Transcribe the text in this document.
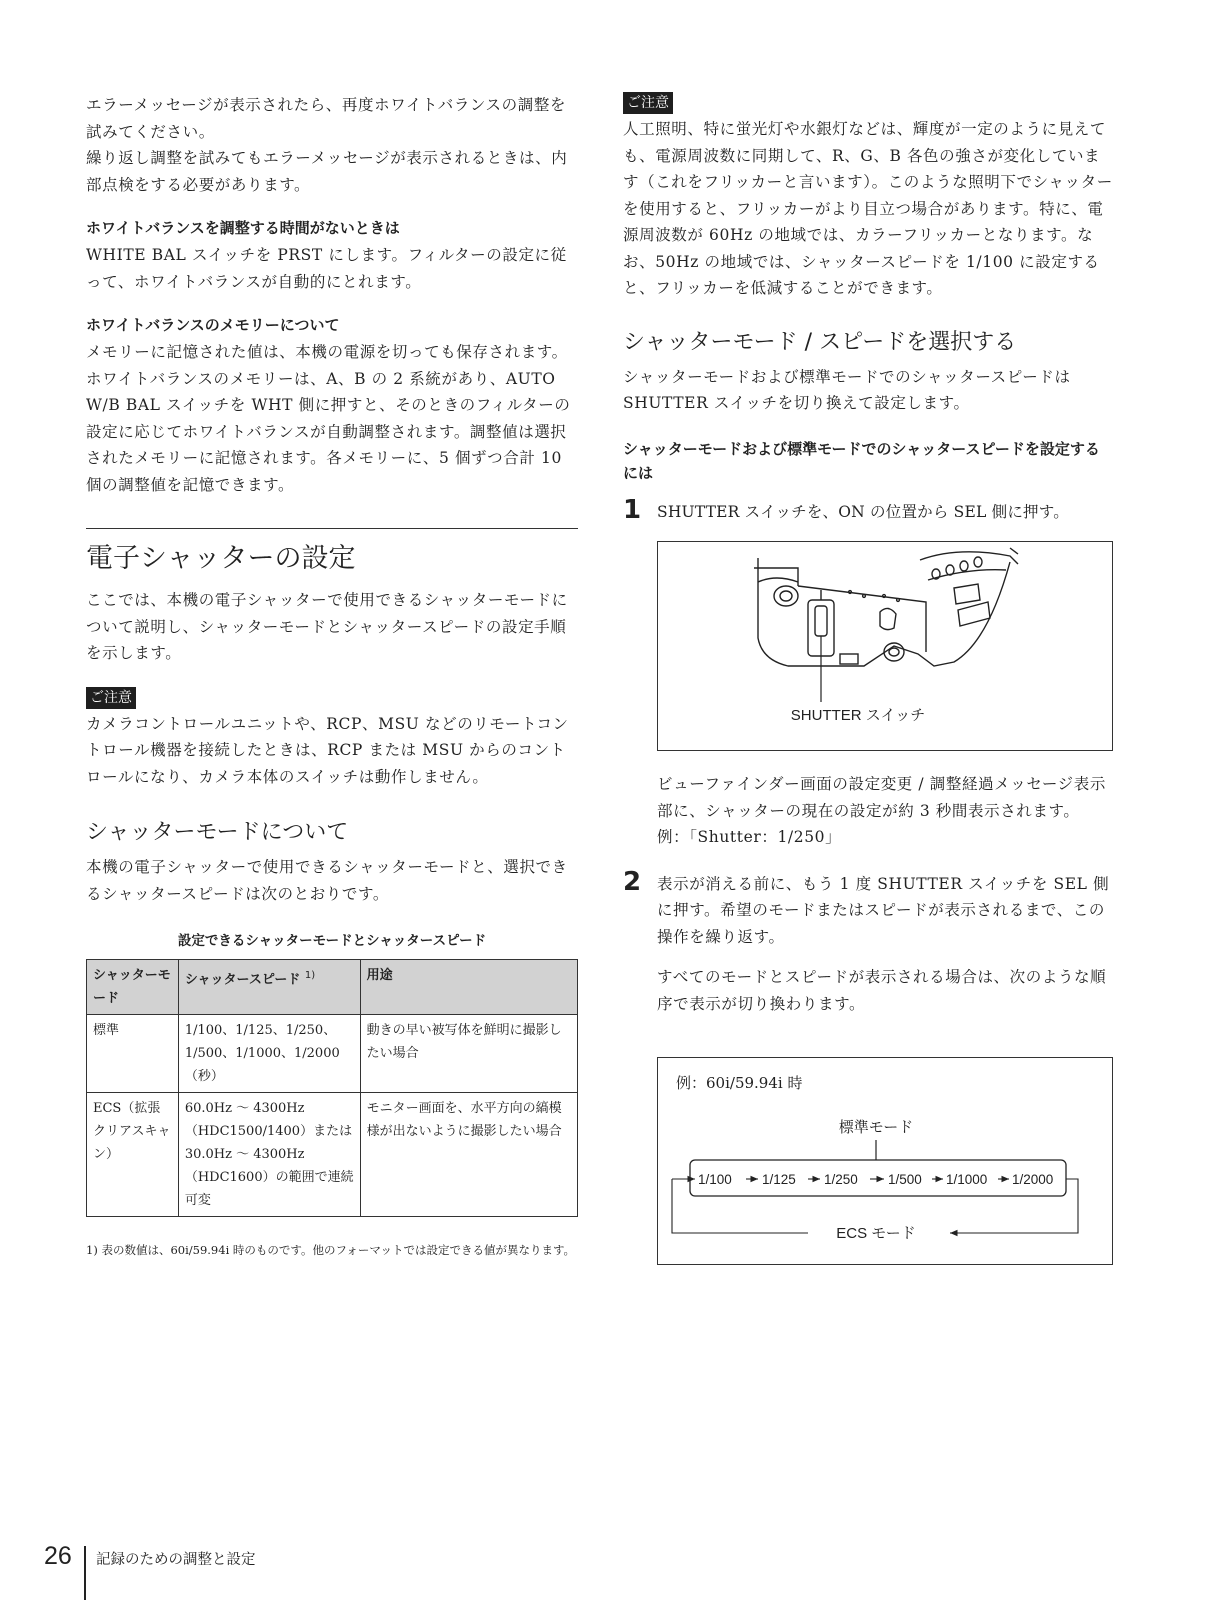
エラーメッセージが表示されたら、再度ホワイトバランスの調整を試みてください。

繰り返し調整を試みてもエラーメッセージが表示されるときは、内部点検をする必要があります。

ホワイトバランスを調整する時間がないときは

WHITE BAL スイッチを PRST にします。フィルターの設定に従って、ホワイトバランスが自動的にとれます。

ホワイトバランスのメモリーについて

メモリーに記憶された値は、本機の電源を切っても保存されます。

ホワイトバランスのメモリーは、A、B の 2 系統があり、AUTO W/B BAL スイッチを WHT 側に押すと、そのときのフィルターの設定に応じてホワイトバランスが自動調整されます。調整値は選択されたメモリーに記憶されます。各メモリーに、5 個ずつ合計 10 個の調整値を記憶できます。

電子シャッターの設定

ここでは、本機の電子シャッターで使用できるシャッターモードについて説明し、シャッターモードとシャッタースピードの設定手順を示します。

ご注意

カメラコントロールユニットや、RCP、MSU などのリモートコントロール機器を接続したときは、RCP または MSU からのコントロールになり、カメラ本体のスイッチは動作しません。

シャッターモードについて

本機の電子シャッターで使用できるシャッターモードと、選択できるシャッタースピードは次のとおりです。

設定できるシャッターモードとシャッタースピード
シャッターモード	シャッタースピード $^{1)}$	用途
標準	1/100、1/125、1/250、1/500、1/1000、1/2000（秒）	動きの早い被写体を鮮明に撮影したい場合
ECS（拡張クリアスキャン）	60.0Hz ～ 4300Hz（HDC1500/1400）または 30.0Hz ～ 4300Hz（HDC1600）の範囲で連続可変	モニター画面を、水平方向の縞模様が出ないように撮影したい場合

1) 表の数値は、60i/59.94i 時のものです。他のフォーマットでは設定できる値が異なります。

ご注意

人工照明、特に蛍光灯や水銀灯などは、輝度が一定のように見えても、電源周波数に同期して、R、G、B 各色の強さが変化しています（これをフリッカーと言います）。このような照明下でシャッターを使用すると、フリッカーがより目立つ場合があります。特に、電源周波数が 60Hz の地域では、カラーフリッカーとなります。なお、50Hz の地域では、シャッタースピードを 1/100 に設定すると、フリッカーを低減することができます。

シャッターモード / スピードを選択する

シャッターモードおよび標準モードでのシャッタースピードは SHUTTER スイッチを切り換えて設定します。

シャッターモードおよび標準モードでのシャッタースピードを設定するには
1 SHUTTER スイッチを、ON の位置から SEL 側に押す。

SHUTTER スイッチ

ビューファインダー画面の設定変更 / 調整経過メッセージ表示部に、シャッターの現在の設定が約 3 秒間表示されます。

例：「Shutter：1/250」

2 表示が消える前に、もう 1 度 SHUTTER スイッチを SEL 側に押す。希望のモードまたはスピードが表示されるまで、この操作を繰り返す。

すべてのモードとスピードが表示される場合は、次のような順序で表示が切り換わります。

例：60i/59.94i 時
標準モード
1/100 1/125 1/250 1/500 1/1000 1/2000
ECS モード
26 記録のための調整と設定
